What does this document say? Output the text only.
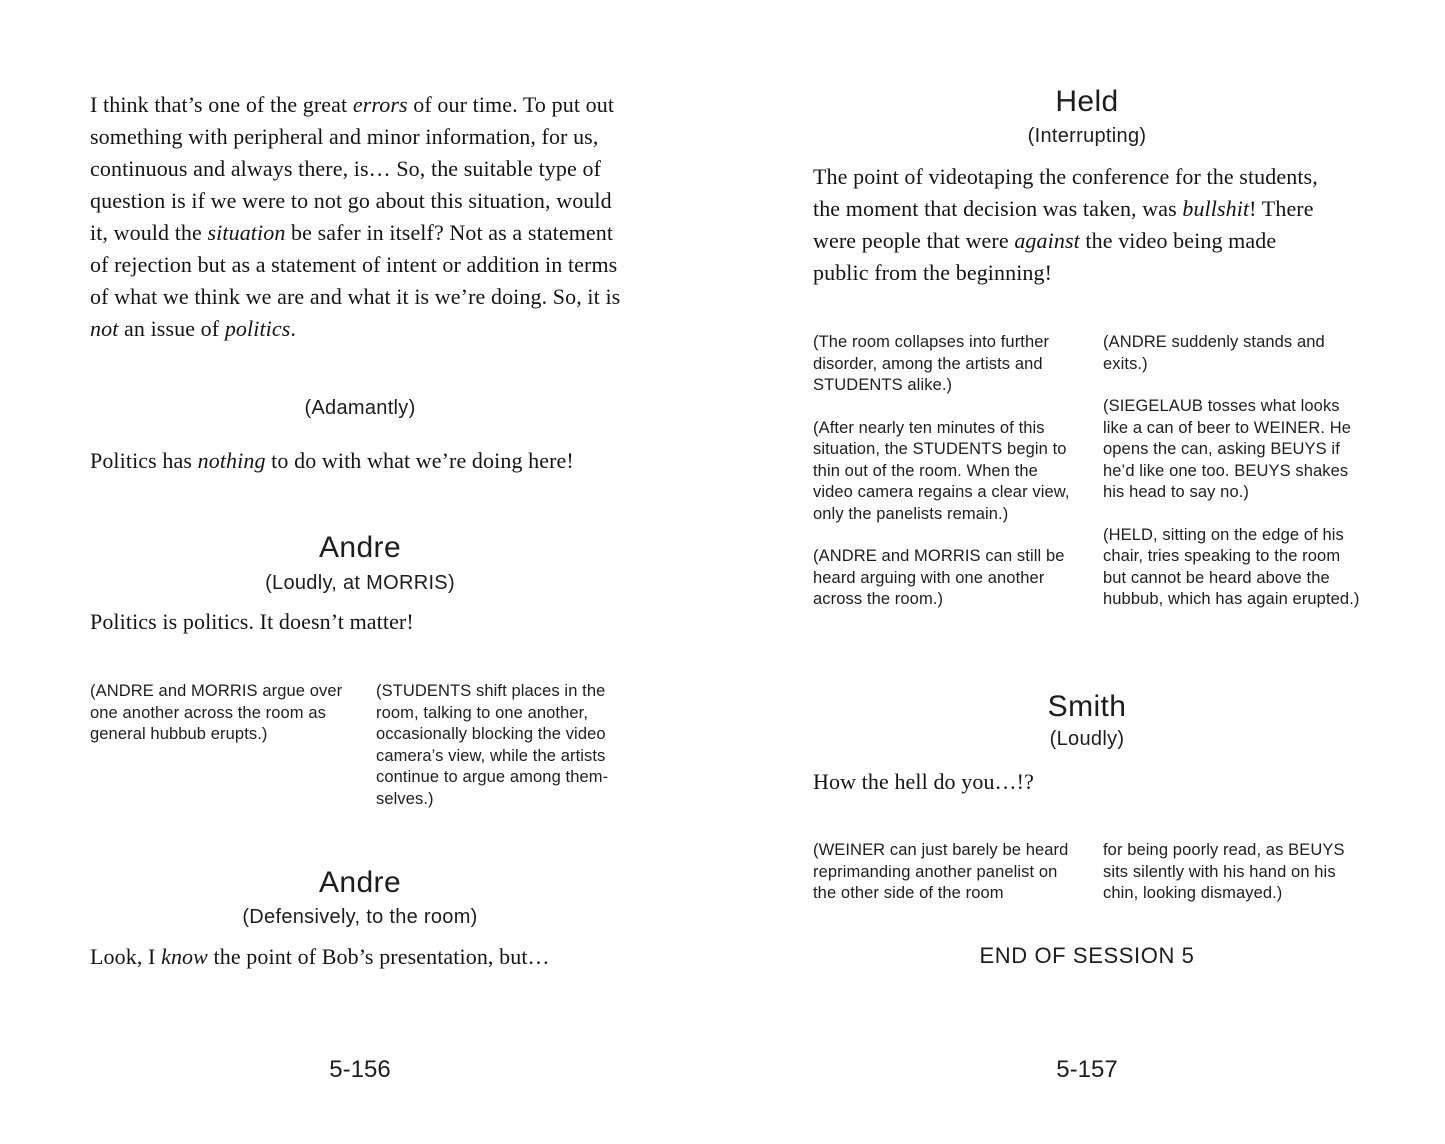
I think that’s one of the great errors of our time. To put out something with peripheral and minor information, for us, continuous and always there, is… So, the suitable type of question is if we were to not go about this situation, would it, would the situation be safer in itself? Not as a statement of rejection but as a statement of intent or addition in terms of what we think we are and what it is we’re doing. So, it is not an issue of politics.

(Adamantly)

Politics has nothing to do with what we’re doing here!

Andre
(Loudly, at MORRIS)

Politics is politics. It doesn’t matter!

(ANDRE and MORRIS argue over one another across the room as general hubbub erupts.)

(STUDENTS shift places in the room, talking to one another, occasionally blocking the video camera’s view, while the artists continue to argue among themselves.)

Andre
(Defensively, to the room)

Look, I know the point of Bob’s presentation, but…

5-156
Held
(Interrupting)

The point of videotaping the conference for the students, the moment that decision was taken, was bullshit! There were people that were against the video being made public from the beginning!

(The room collapses into further disorder, among the artists and STUDENTS alike.)

(After nearly ten minutes of this situation, the STUDENTS begin to thin out of the room. When the video camera regains a clear view, only the panelists remain.)

(ANDRE and MORRIS can still be heard arguing with one another across the room.)

(ANDRE suddenly stands and exits.)

(SIEGELAUB tosses what looks like a can of beer to WEINER. He opens the can, asking BEUYS if he’d like one too. BEUYS shakes his head to say no.)

(HELD, sitting on the edge of his chair, tries speaking to the room but cannot be heard above the hubbub, which has again erupted.)

Smith
(Loudly)

How the hell do you…!?

(WEINER can just barely be heard reprimanding another panelist on the other side of the room

for being poorly read, as BEUYS sits silently with his hand on his chin, looking dismayed.)

END OF SESSION 5
5-157
